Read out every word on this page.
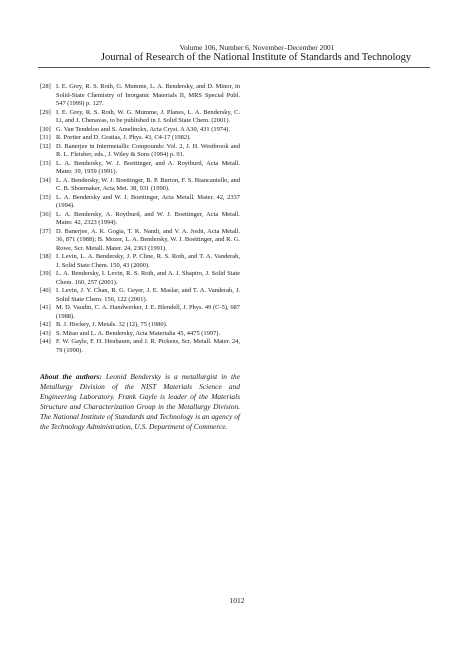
Volume 106, Number 6, November–December 2001
Journal of Research of the National Institute of Standards and Technology
[28] I. E. Grey, R. S. Roth, G. Mumme, L. A. Bendersky, and D. Minor, in Solid-State Chemistry of Inorganic Materials II, MRS Special Publ. 547 (1999) p. 127.
[29] I. E. Grey, R. S. Roth, W. G. Mumme, J. Planes, L. A. Bendersky, C. Li, and J. Chenavas, to be published in J. Solid State Chem. (2001).
[30] G. Van Tendeloo and S. Amelinckx, Acta Cryst. A A30, 431 (1974).
[31] R. Portier and D. Gratias, J. Phys. 43, C4-17 (1982).
[32] D. Banerjee in Intermetallic Compounds: Vol. 2, J. H. Westbrook and R. L. Fleisher, eds., J. Wiley & Sons (1994) p. 91.
[33] L. A. Bendersky, W. J. Boettinger, and A. Roytburd, Acta Metall. Mater. 39, 1959 (1991).
[34] L. A. Bendersky, W. J. Boettinger, B. P. Burton, F. S. Biancaniello, and C. B. Shoemaker, Acta Met. 38, 931 (1990).
[35] L. A. Bendersky and W. J. Boettinger, Acta Metall. Mater. 42, 2337 (1994).
[36] L. A. Bendersky, A. Roytburd, and W. J. Boettinger, Acta Metall. Mater. 42, 2323 (1994).
[37] D. Banerjee, A. K. Gogia, T. K. Nandi, and V. A. Joshi, Acta Metall. 36, 871 (1988); B. Mozer, L. A. Bendersky, W. J. Boettinger, and R. G. Rowe, Scr. Metall. Mater. 24, 2363 (1991).
[38] I. Levin, L. A. Bendersky, J. P. Cline, R. S. Roth, and T. A. Vanderah, J. Solid State Chem. 150, 43 (2000).
[39] L. A. Bendersky, I. Levin, R. S. Roth, and A. J. Shapiro, J. Solid State Chem. 160, 257 (2001).
[40] I. Levin, J. Y. Chan, R. G. Geyer, J. E. Maslar, and T. A. Vanderah, J. Solid State Chem. 156, 122 (2001).
[41] M. D. Vaudin, C. A. Handwerker, J. E. Blendell, J. Phys. 49 (C-5), 687 (1988).
[42] B. J. Hockey, J. Metals. 32 (12), 75 (1980).
[43] S. Mitao and L. A. Bendersky, Acta Materialia 45, 4475 (1997).
[44] F. W. Gayle, F. H. Heubaum, and J. R. Pickens, Scr. Metall. Mater. 24, 79 (1990).
About the authors: Leonid Bendersky is a metallurgist in the Metallurgy Division of the NIST Materials Science and Engineering Laboratory. Frank Gayle is leader of the Materials Structure and Characterization Group in the Metallurgy Division. The National Institute of Standards and Technology is an agency of the Technology Administration, U.S. Department of Commerce.
1012
